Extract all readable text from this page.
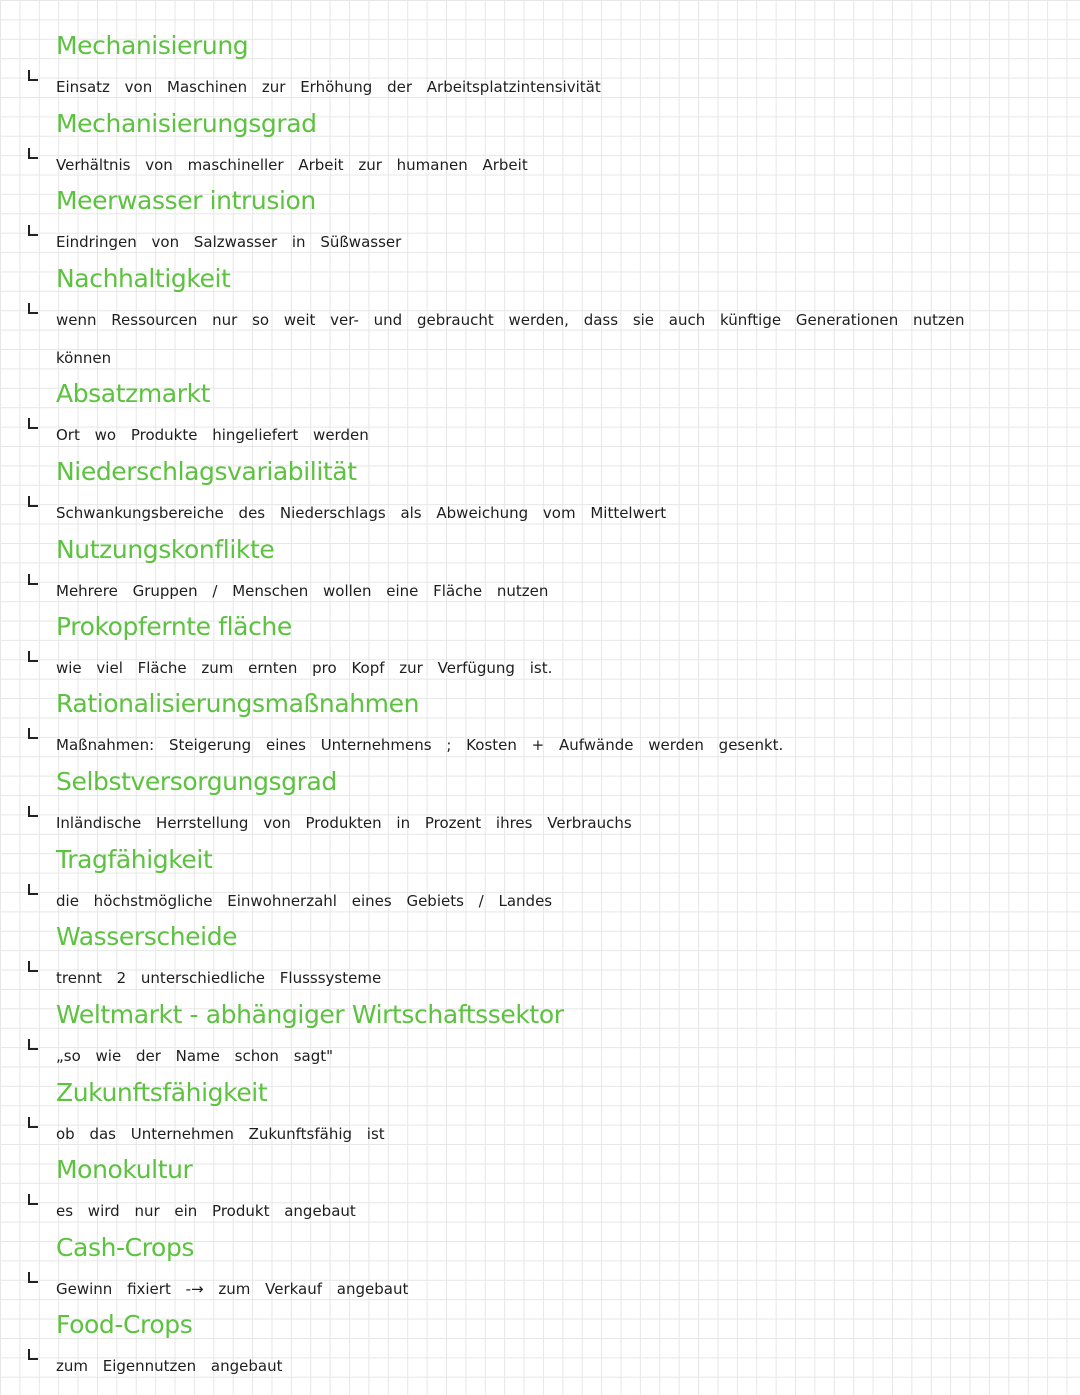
Mechanisierung
Einsatz von Maschinen zur Erhöhung der Arbeitsplatzintensivität
Mechanisierungsgrad
Verhältnis von maschineller Arbeit zur humanen Arbeit
Meerwasser intrusion
Eindringen von Salzwasser in Süßwasser
Nachhaltigkeit
wenn Ressourcen nur so weit ver- und gebraucht werden, dass sie auch künftige Generationen nutzen können
Absatzmarkt
Ort wo Produkte hingeliefert werden
Niederschlagsvariabilität
Schwankungsbereiche des Niederschlags als Abweichung vom Mittelwert
Nutzungskonflikte
Mehrere Gruppen / Menschen wollen eine Fläche nutzen
Prokopfernte fläche
wie viel Fläche zum ernten pro Kopf zur Verfügung ist.
Rationalisierungsmaßnahmen
Maßnahmen: Steigerung eines Unternehmens ; Kosten + Aufwände werden gesenkt.
Selbstversorgungsgrad
Inländische Herrstellung von Produkten in Prozent ihres Verbrauchs
Tragfähigkeit
die höchstmögliche Einwohnerzahl eines Gebiets / Landes
Wasserscheide
trennt 2 unterschiedliche Flusssysteme
Weltmarkt - abhängiger Wirtschaftssektor
„so wie der Name schon sagt"
Zukunftsfähigkeit
ob das Unternehmen Zukunftsfähig ist
Monokultur
es wird nur ein Produkt angebaut
Cash-Crops
Gewinn fixiert -→ zum Verkauf angebaut
Food-Crops
zum Eigennutzen angebaut
